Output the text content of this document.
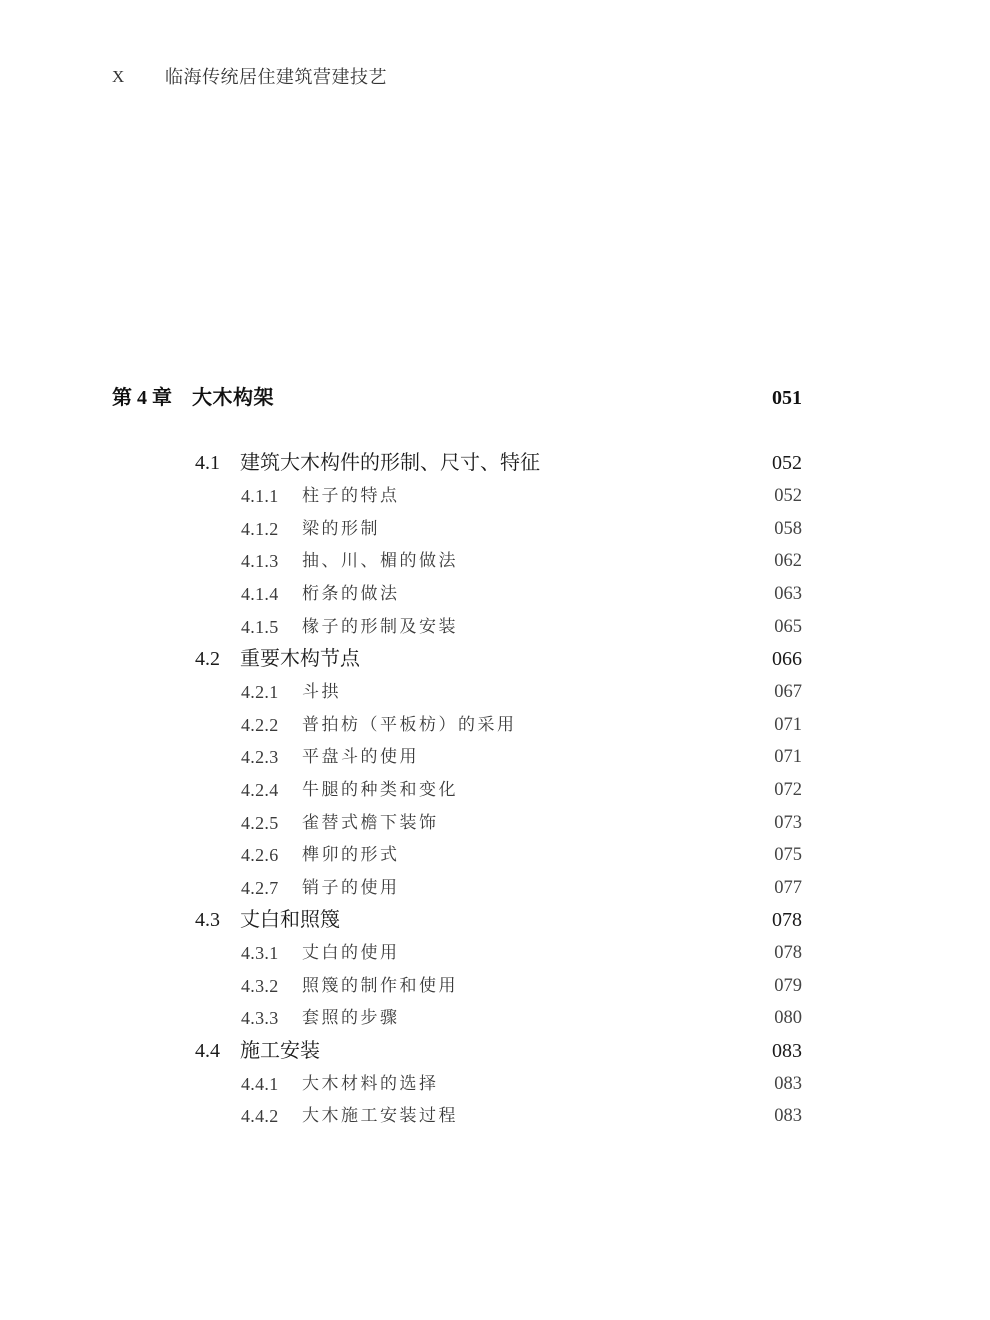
X 临海传统居住建筑营建技艺
第 4 章 大木构架	051
4.1 建筑大木构件的形制、尺寸、特征	052
4.1.1 柱子的特点	052
4.1.2 梁的形制	058
4.1.3 抽、川、楣的做法	062
4.1.4 桁条的做法	063
4.1.5 椽子的形制及安装	065
4.2 重要木构节点	066
4.2.1 斗拱	067
4.2.2 普拍枋（平板枋）的采用	071
4.2.3 平盘斗的使用	071
4.2.4 牛腿的种类和变化	072
4.2.5 雀替式檐下装饰	073
4.2.6 榫卯的形式	075
4.2.7 销子的使用	077
4.3 丈白和照篾	078
4.3.1 丈白的使用	078
4.3.2 照篾的制作和使用	079
4.3.3 套照的步骤	080
4.4 施工安装	083
4.4.1 大木材料的选择	083
4.4.2 大木施工安装过程	083
